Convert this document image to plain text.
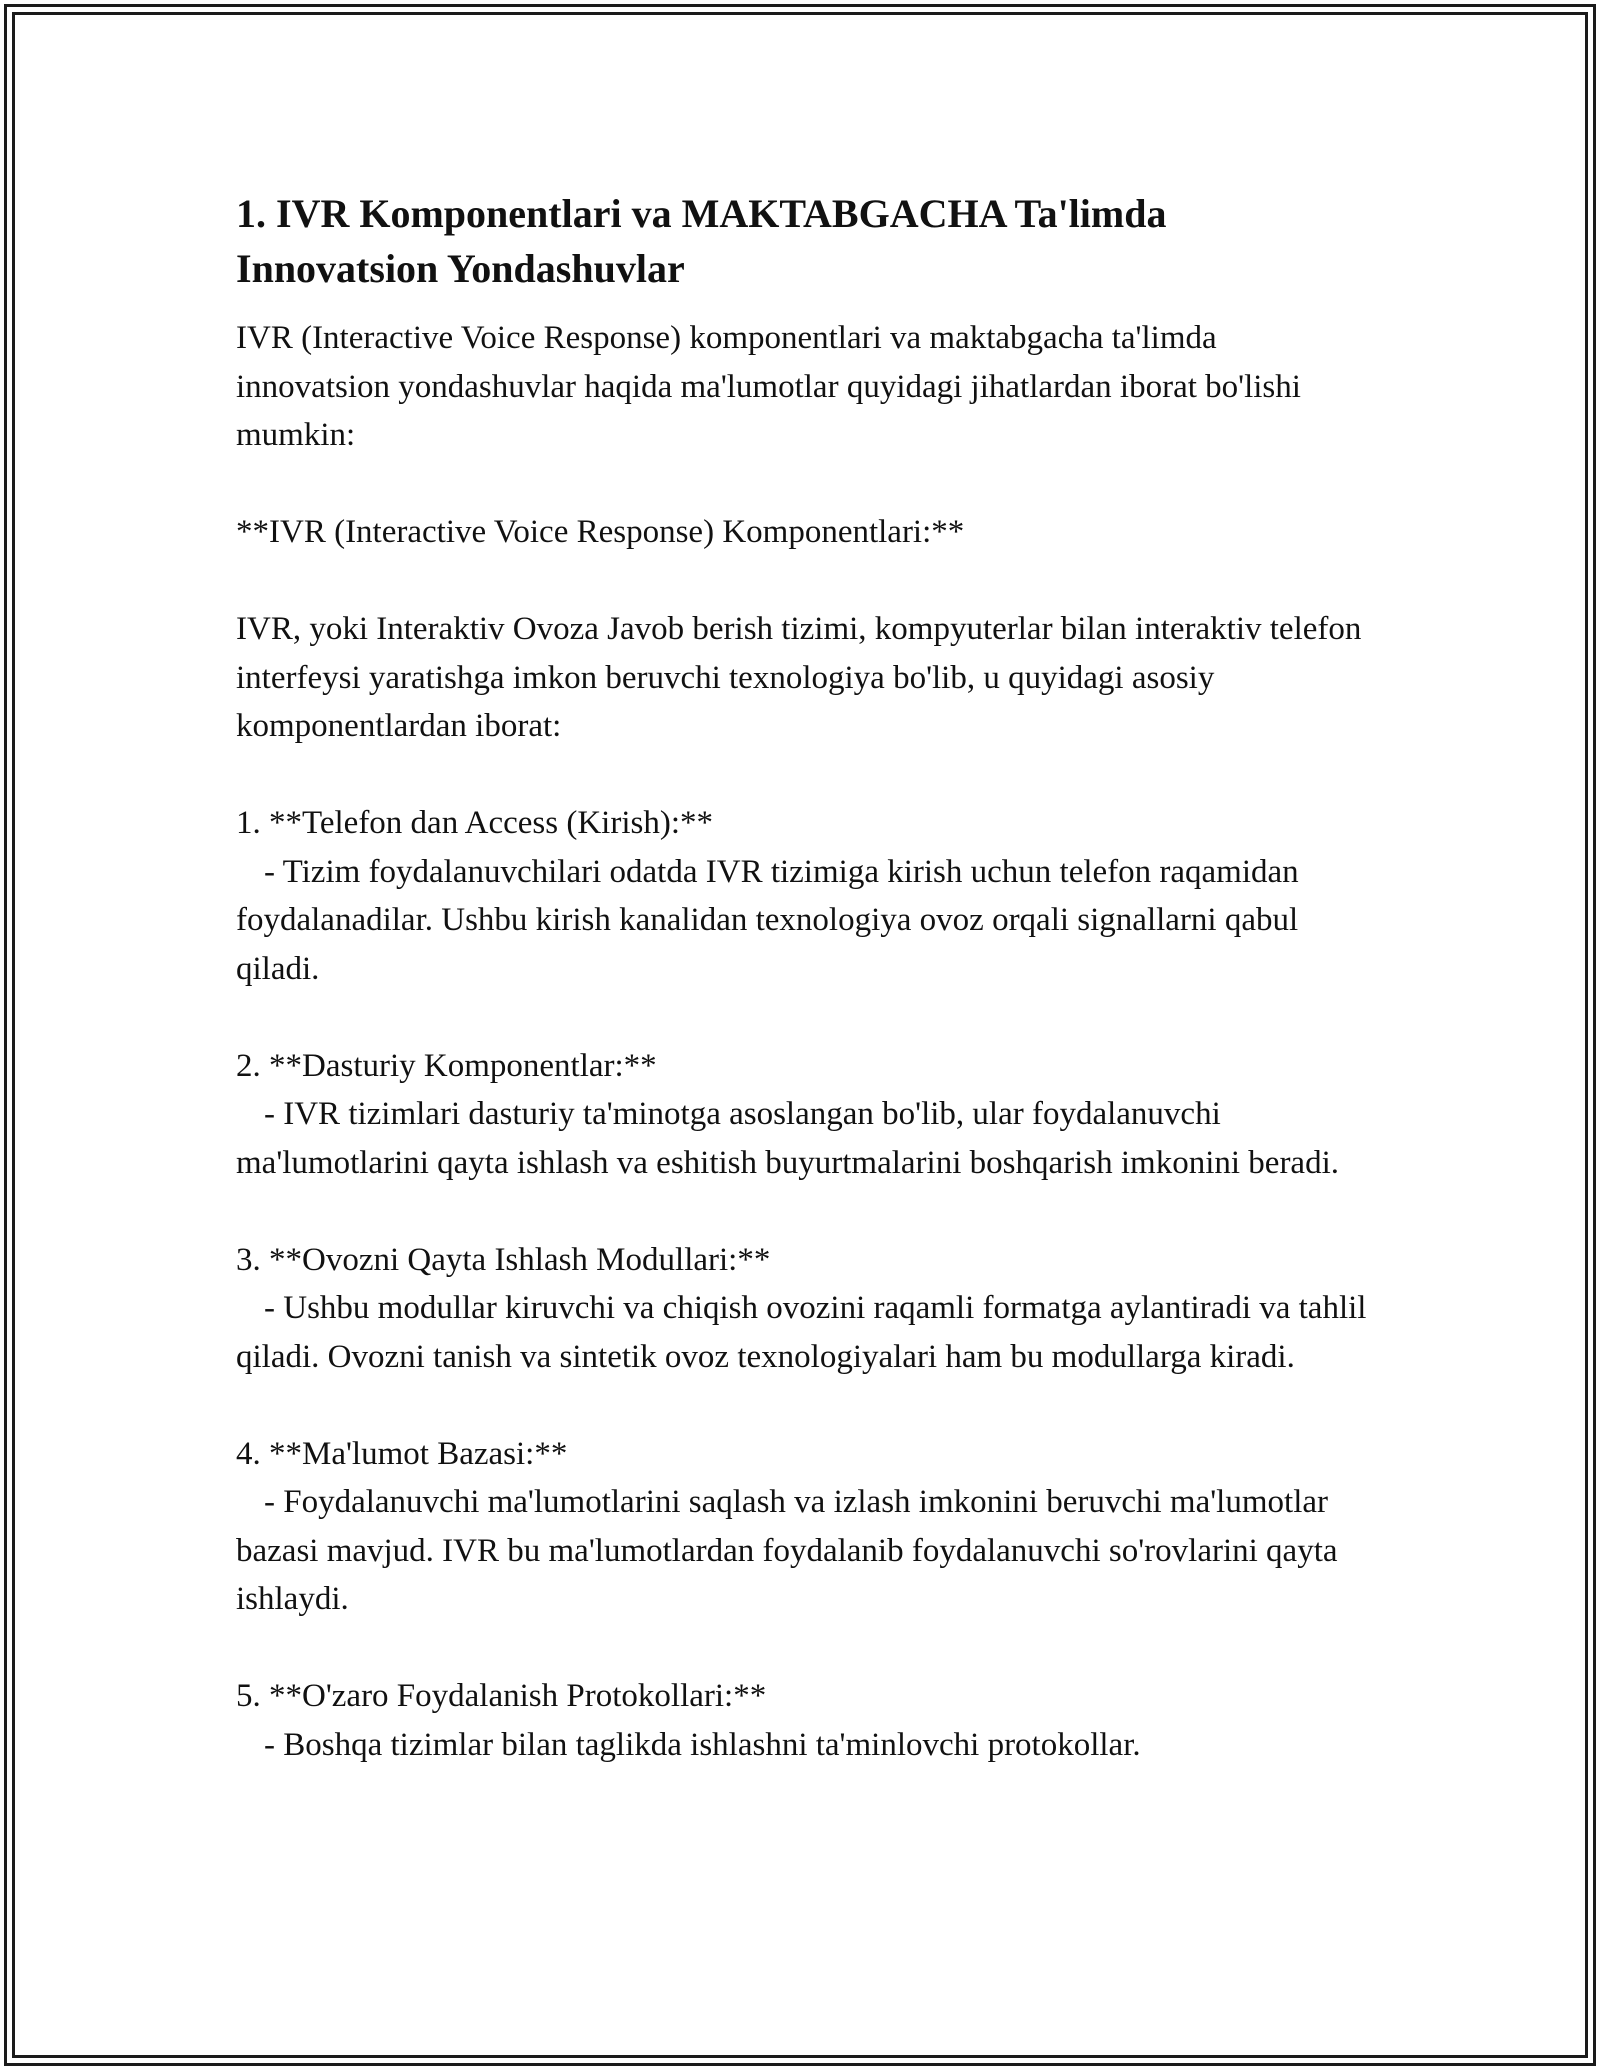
1. IVR Komponentlari va MAKTABGACHA Ta'limda Innovatsion Yondashuvlar

IVR (Interactive Voice Response) komponentlari va maktabgacha ta'limda innovatsion yondashuvlar haqida ma'lumotlar quyidagi jihatlardan iborat bo'lishi mumkin:

**IVR (Interactive Voice Response) Komponentlari:**

IVR, yoki Interaktiv Ovoza Javob berish tizimi, kompyuterlar bilan interaktiv telefon interfeysi yaratishga imkon beruvchi texnologiya bo'lib, u quyidagi asosiy komponentlardan iborat:

1. **Telefon dan Access (Kirish):**

- Tizim foydalanuvchilari odatda IVR tizimiga kirish uchun telefon raqamidan foydalanadilar. Ushbu kirish kanalidan texnologiya ovoz orqali signallarni qabul qiladi.

2. **Dasturiy Komponentlar:**

- IVR tizimlari dasturiy ta'minotga asoslangan bo'lib, ular foydalanuvchi ma'lumotlarini qayta ishlash va eshitish buyurtmalarini boshqarish imkonini beradi.

3. **Ovozni Qayta Ishlash Modullari:**

- Ushbu modullar kiruvchi va chiqish ovozini raqamli formatga aylantiradi va tahlil qiladi. Ovozni tanish va sintetik ovoz texnologiyalari ham bu modullarga kiradi.

4. **Ma'lumot Bazasi:**

- Foydalanuvchi ma'lumotlarini saqlash va izlash imkonini beruvchi ma'lumotlar bazasi mavjud. IVR bu ma'lumotlardan foydalanib foydalanuvchi so'rovlarini qayta ishlaydi.

5. **O'zaro Foydalanish Protokollari:**

- Boshqa tizimlar bilan taglikda ishlashni ta'minlovchi protokollar.
